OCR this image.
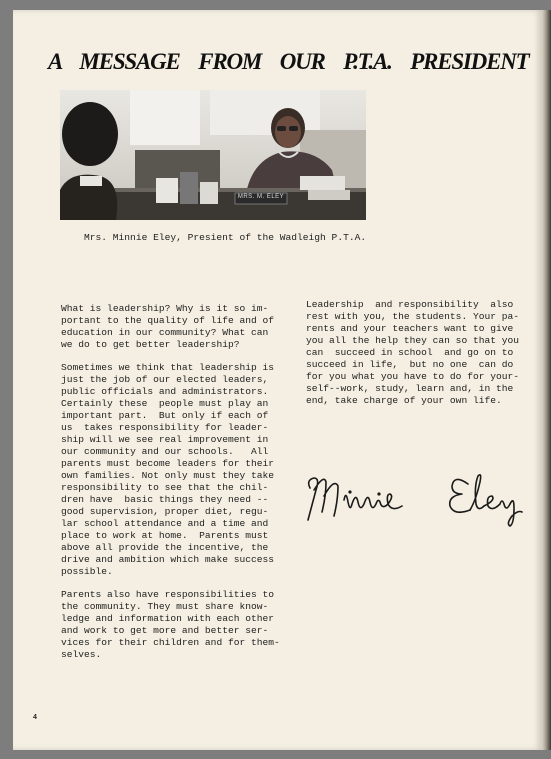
A MESSAGE FROM OUR P.T.A. PRESIDENT
MRS. M. ELEY

Mrs. Minnie Eley, Presient of the Wadleigh P.T.A.

What is leadership? Why is it so im-
portant to the quality of life and of
education in our community? What can
we do to get better leadership?

Sometimes we think that leadership is
just the job of our elected leaders,
public officials and administrators.
Certainly these  people must play an
important part.  But only if each of
us  takes responsibility for leader-
ship will we see real improvement in
our community and our schools.   All
parents must become leaders for their
own families. Not only must they take
responsibility to see that the chil-
dren have  basic things they need --
good supervision, proper diet, regu-
lar school attendance and a time and
place to work at home.  Parents must
above all provide the incentive, the
drive and ambition which make success
possible.

Parents also have responsibilities to
the community. They must share know-
ledge and information with each other
and work to get more and better ser-
vices for their children and for them-
selves.

Leadership  and responsibility  also
rest with you, the students. Your pa-
rents and your teachers want to give
you all the help they can so that you
can  succeed in school  and go on to
succeed in life,  but no one  can do
for you what you have to do for your-
self--work, study, learn and, in the
end, take charge of your own life.

4
